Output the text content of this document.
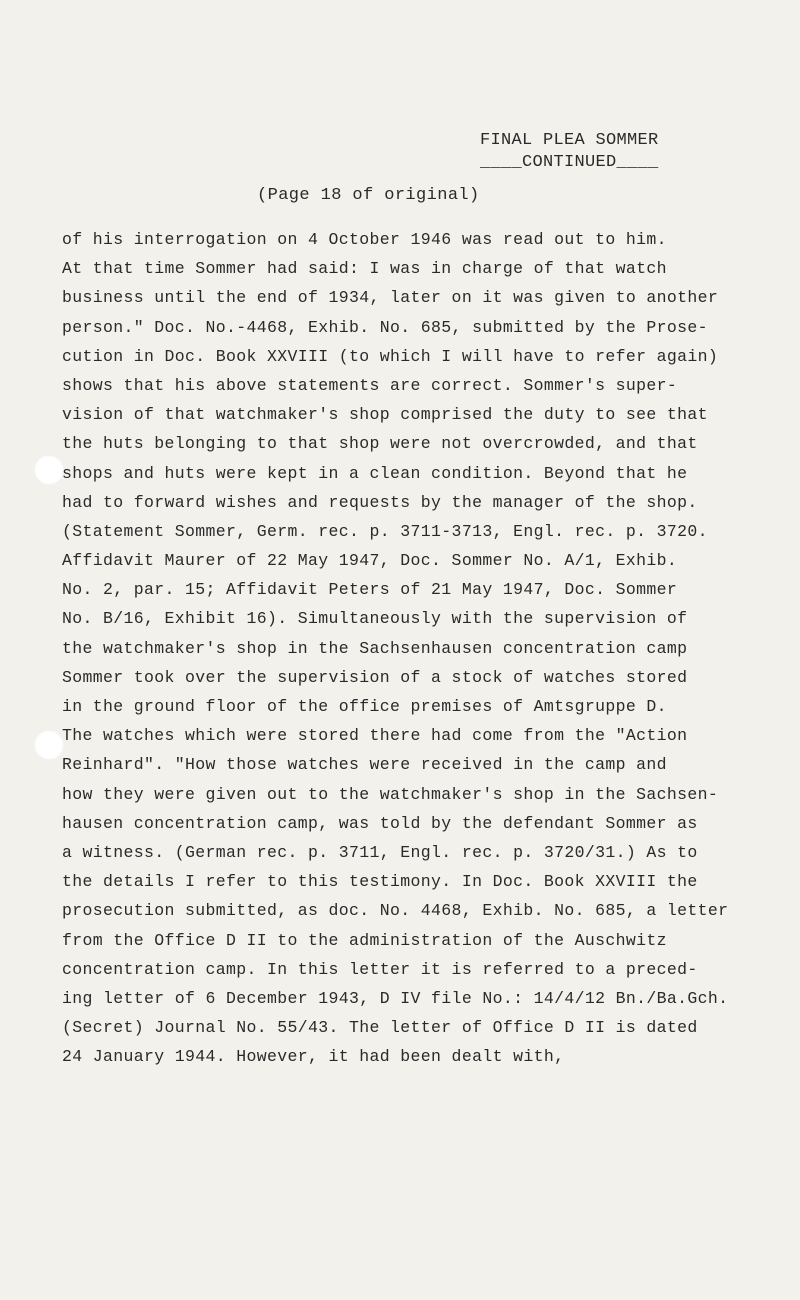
FINAL PLEA SOMMER
____CONTINUED____
(Page 18 of original)
of his interrogation on 4 October 1946 was read out to him.
At that time Sommer had said: I was in charge of that watch
business until the end of 1934, later on it was given to another
person." Doc. No.-4468, Exhib. No. 685, submitted by the Prose-
cution in Doc. Book XXVIII (to which I will have to refer again)
shows that his above statements are correct. Sommer's super-
vision of that watchmaker's shop comprised the duty to see that
the huts belonging to that shop were not overcrowded, and that
shops and huts were kept in a clean condition. Beyond that he
had to forward wishes and requests by the manager of the shop.
(Statement Sommer, Germ. rec. p. 3711-3713, Engl. rec. p. 3720.
Affidavit Maurer of 22 May 1947, Doc. Sommer No. A/1, Exhib.
No. 2, par. 15; Affidavit Peters of 21 May 1947, Doc. Sommer
No. B/16, Exhibit 16). Simultaneously with the supervision of
the watchmaker's shop in the Sachsenhausen concentration camp
Sommer took over the supervision of a stock of watches stored
in the ground floor of the office premises of Amtsgruppe D.
The watches which were stored there had come from the "Action
Reinhard". "How those watches were received in the camp and
how they were given out to the watchmaker's shop in the Sachsen-
hausen concentration camp, was told by the defendant Sommer as
a witness. (German rec. p. 3711, Engl. rec. p. 3720/31.) As to
the details I refer to this testimony. In Doc. Book XXVIII the
prosecution submitted, as doc. No. 4468, Exhib. No. 685, a letter
from the Office D II to the administration of the Auschwitz
concentration camp. In this letter it is referred to a preced-
ing letter of 6 December 1943, D IV file No.: 14/4/12 Bn./Ba.Gch.
(Secret) Journal No. 55/43. The letter of Office D II is dated
24 January 1944. However, it had been dealt with,
